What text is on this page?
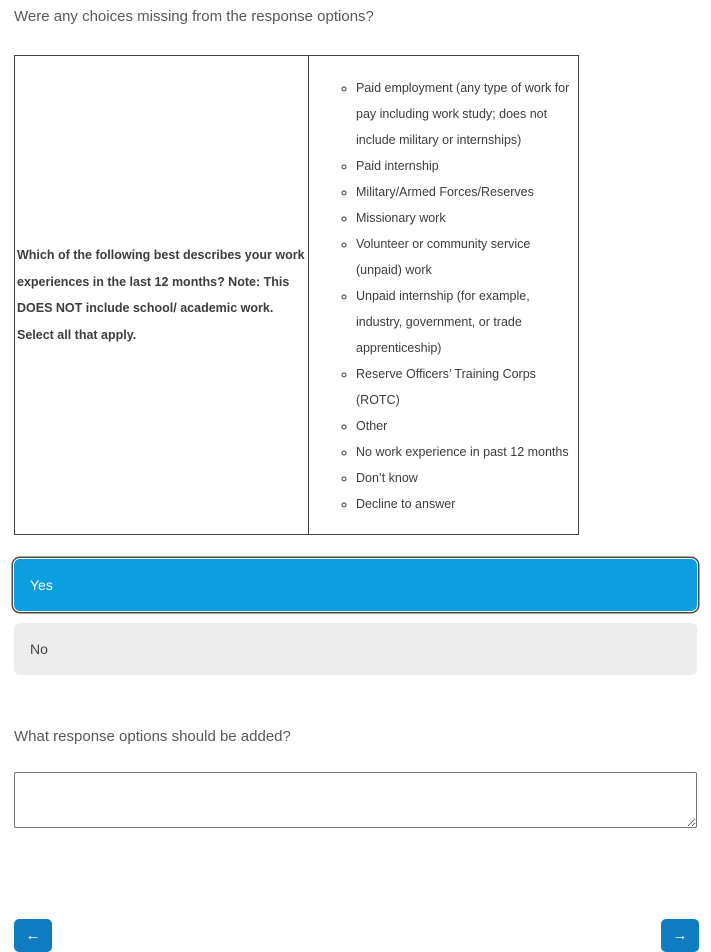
Were any choices missing from the response options?

Which of the following best describes your work experiences in the last 12 months? Note: This DOES NOT include school/ academic work. Select all that apply.	
◦ Paid employment (any type of work for pay including work study; does not include military or internships)
◦ Paid internship
◦ Military/Armed Forces/Reserves
◦ Missionary work
◦ Volunteer or community service (unpaid) work
◦ Unpaid internship (for example, industry, government, or trade apprenticeship)
◦ Reserve Officers’ Training Corps (ROTC)
◦ Other
◦ No work experience in past 12 months
◦ Don’t know
◦ Decline to answer
Yes
No

What response options should be added?

←	→
